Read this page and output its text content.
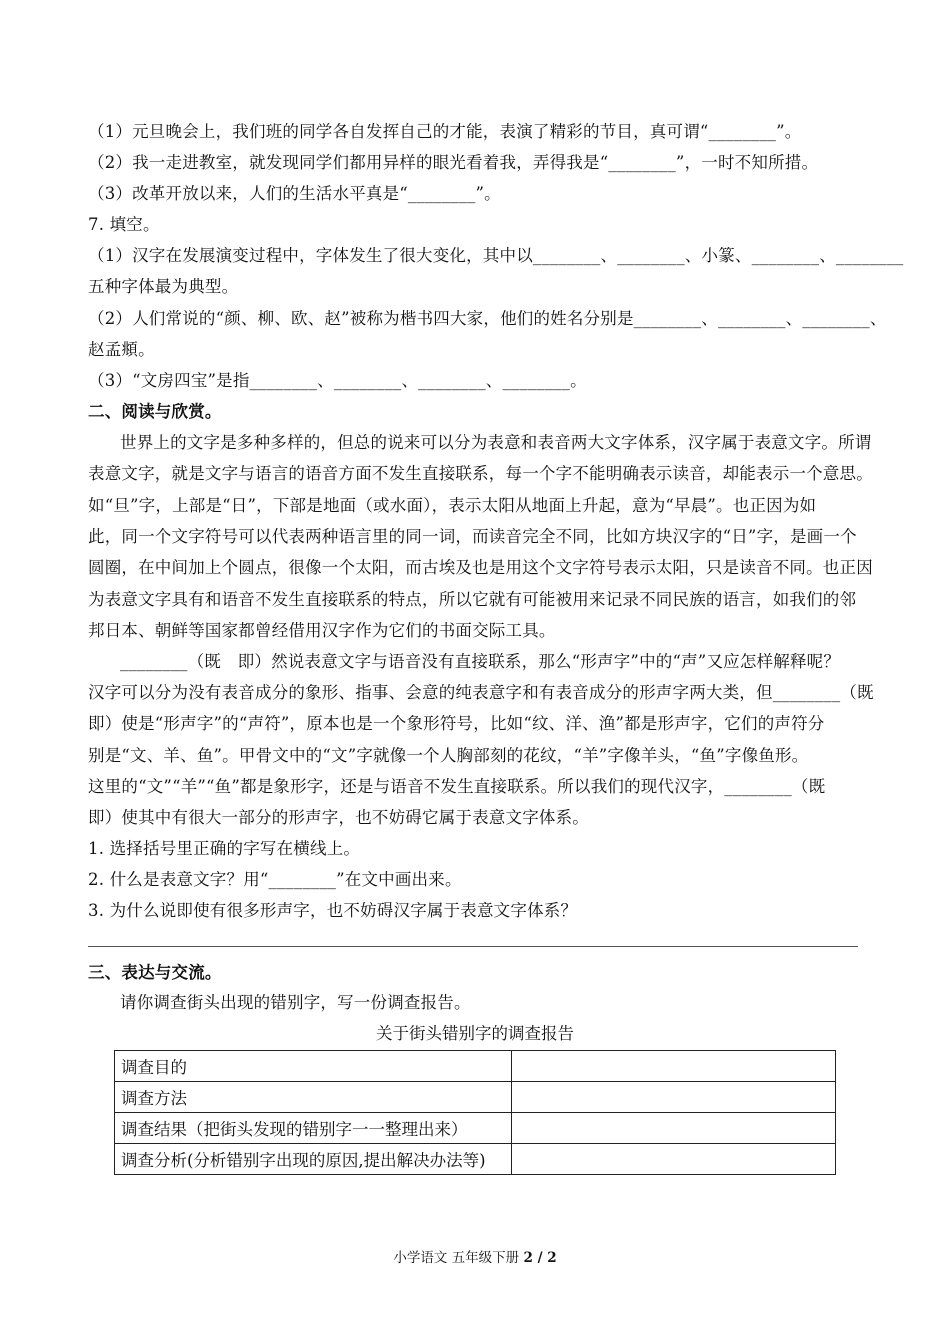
（1）元旦晚会上，我们班的同学各自发挥自己的才能，表演了精彩的节目，真可谓“________”。
（2）我一走进教室，就发现同学们都用异样的眼光看着我，弄得我是“________”，一时不知所措。
（3）改革开放以来，人们的生活水平真是“________”。
7. 填空。
（1）汉字在发展演变过程中，字体发生了很大变化，其中以________、________、小篆、________、________
五种字体最为典型。
（2）人们常说的“颜、柳、欧、赵”被称为楷书四大家，他们的姓名分别是________、________、________、
赵孟頫。
（3）“文房四宝”是指________、________、________、________。
二、阅读与欣赏。
世界上的文字是多种多样的，但总的说来可以分为表意和表音两大文字体系，汉字属于表意文字。所谓
表意文字，就是文字与语言的语音方面不发生直接联系，每一个字不能明确表示读音，却能表示一个意思。
如“旦”字，上部是“日”，下部是地面（或水面），表示太阳从地面上升起，意为“早晨”。也正因为如
此，同一个文字符号可以代表两种语言里的同一词，而读音完全不同，比如方块汉字的“日”字，是画一个
圆圈，在中间加上个圆点，很像一个太阳，而古埃及也是用这个文字符号表示太阳，只是读音不同。也正因
为表意文字具有和语音不发生直接联系的特点，所以它就有可能被用来记录不同民族的语言，如我们的邻
邦日本、朝鲜等国家都曾经借用汉字作为它们的书面交际工具。
________（既　即）然说表意文字与语音没有直接联系，那么“形声字”中的“声”又应怎样解释呢？
汉字可以分为没有表音成分的象形、指事、会意的纯表意字和有表音成分的形声字两大类，但________（既
即）使是“形声字”的“声符”，原本也是一个象形符号，比如“纹、洋、渔”都是形声字，它们的声符分
别是“文、羊、鱼”。甲骨文中的“文”字就像一个人胸部刻的花纹，“羊”字像羊头，“鱼”字像鱼形。
这里的“文”“羊”“鱼”都是象形字，还是与语音不发生直接联系。所以我们的现代汉字，________（既
即）使其中有很大一部分的形声字，也不妨碍它属于表意文字体系。
1. 选择括号里正确的字写在横线上。
2. 什么是表意文字？用“________”在文中画出来。
3. 为什么说即使有很多形声字，也不妨碍汉字属于表意文字体系？
三、表达与交流。
请你调查街头出现的错别字，写一份调查报告。
关于街头错别字的调查报告
调查目的	
调查方法	
调查结果（把街头发现的错别字一一整理出来）	
调查分析(分析错别字出现的原因,提出解决办法等)	
小学语文 五年级下册 2 / 2
